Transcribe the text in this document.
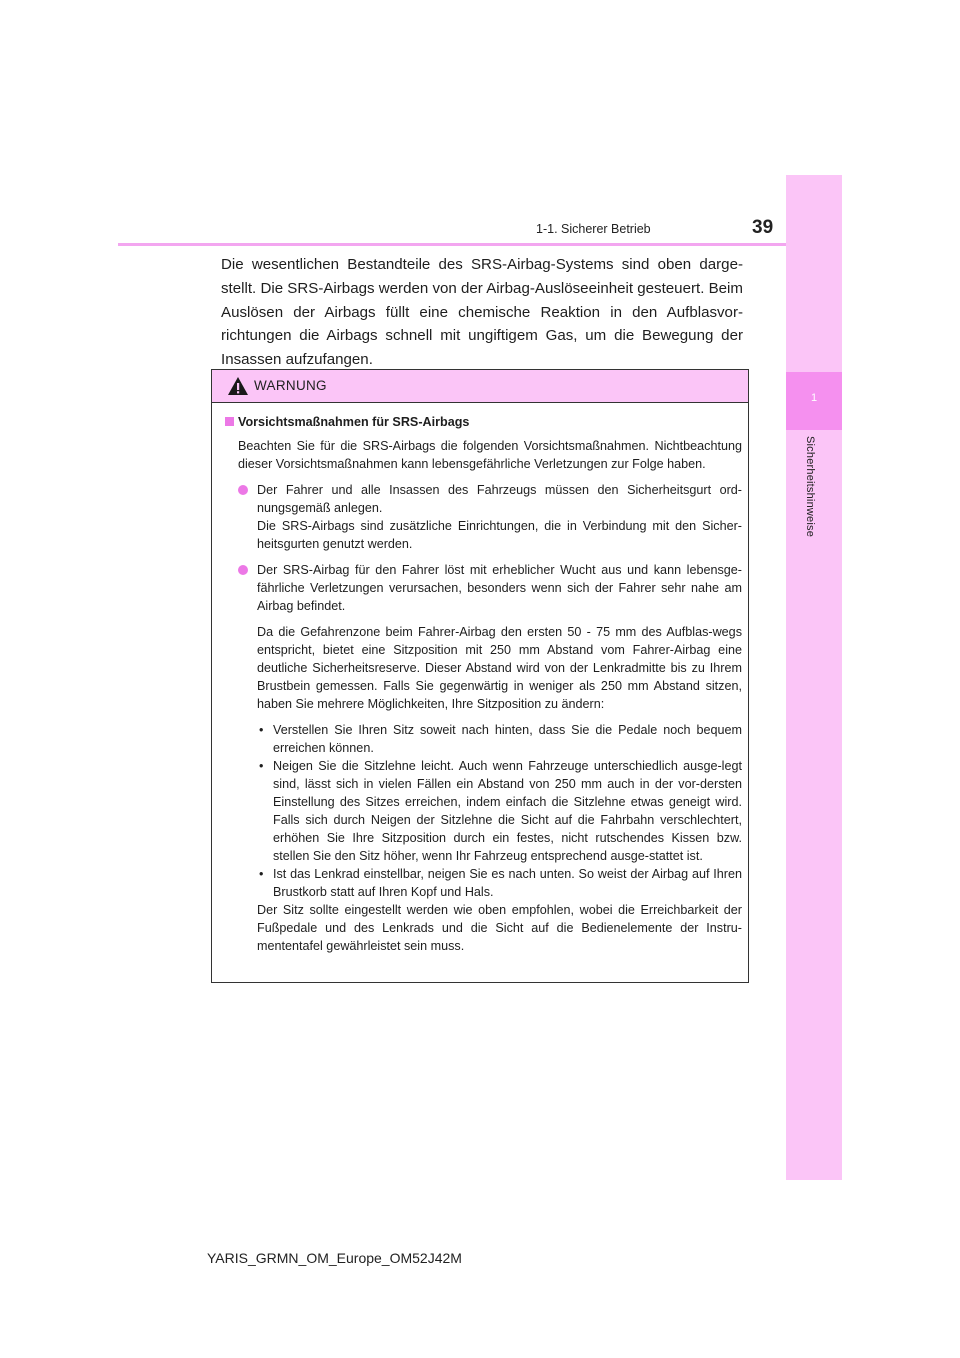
1-1. Sicherer Betrieb	39
1
Sicherheitshinweise

Die wesentlichen Bestandteile des SRS-Airbag-Systems sind oben darge-stellt. Die SRS-Airbags werden von der Airbag-Auslöseeinheit gesteuert. Beim Auslösen der Airbags füllt eine chemische Reaktion in den Aufblasvor-richtungen die Airbags schnell mit ungiftigem Gas, um die Bewegung der Insassen aufzufangen.

WARNUNG

Vorsichtsmaßnahmen für SRS-Airbags

Beachten Sie für die SRS-Airbags die folgenden Vorsichtsmaßnahmen. Nichtbeachtung dieser Vorsichtsmaßnahmen kann lebensgefährliche Verletzungen zur Folge haben.

Der Fahrer und alle Insassen des Fahrzeugs müssen den Sicherheitsgurt ord-nungsgemäß anlegen.

Die SRS-Airbags sind zusätzliche Einrichtungen, die in Verbindung mit den Sicher-heitsgurten genutzt werden.

Der SRS-Airbag für den Fahrer löst mit erheblicher Wucht aus und kann lebensge-fährliche Verletzungen verursachen, besonders wenn sich der Fahrer sehr nahe am Airbag befindet.

Da die Gefahrenzone beim Fahrer-Airbag den ersten 50 - 75 mm des Aufblas-wegs entspricht, bietet eine Sitzposition mit 250 mm Abstand vom Fahrer-Airbag eine deutliche Sicherheitsreserve. Dieser Abstand wird von der Lenkradmitte bis zu Ihrem Brustbein gemessen. Falls Sie gegenwärtig in weniger als 250 mm Abstand sitzen, haben Sie mehrere Möglichkeiten, Ihre Sitzposition zu ändern:

• Verstellen Sie Ihren Sitz soweit nach hinten, dass Sie die Pedale noch bequem erreichen können.

• Neigen Sie die Sitzlehne leicht. Auch wenn Fahrzeuge unterschiedlich ausge-legt sind, lässt sich in vielen Fällen ein Abstand von 250 mm auch in der vor-dersten Einstellung des Sitzes erreichen, indem einfach die Sitzlehne etwas geneigt wird. Falls sich durch Neigen der Sitzlehne die Sicht auf die Fahrbahn verschlechtert, erhöhen Sie Ihre Sitzposition durch ein festes, nicht rutschendes Kissen bzw. stellen Sie den Sitz höher, wenn Ihr Fahrzeug entsprechend ausge-stattet ist.

• Ist das Lenkrad einstellbar, neigen Sie es nach unten. So weist der Airbag auf Ihren Brustkorb statt auf Ihren Kopf und Hals.

Der Sitz sollte eingestellt werden wie oben empfohlen, wobei die Erreichbarkeit der Fußpedale und des Lenkrads und die Sicht auf die Bedienelemente der Instru-mententafel gewährleistet sein muss.

YARIS_GRMN_OM_Europe_OM52J42M
